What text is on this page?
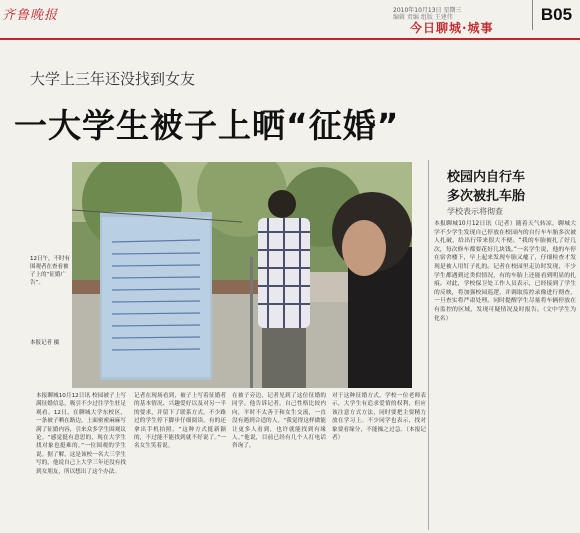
齐鲁晚报	2010年10月13日 星期三
编辑 责编 组版 王建伟
今日聊城·城事
B05
大学上三年还没找到女友
一大学生被子上晒“征婚”
12日午，不时有围观者在查看被子上的“征婚广告”。
本报记者 摄
本报聊城10月12日讯 校园被子上写满征婚信息，吸引不少过往学生驻足观看。12日，在聊城大学东校区，一条被子晒在路边，上面密密麻麻写满了征婚内容，引来众多学生围观议论。“感觉挺有意思的，现在大学生找对象也挺难的。”一位围观的学生说。据了解，这是该校一名大三学生写的，他说自己上大学三年还没有找到女朋友，所以想出了这个办法。
记者在现场看到，被子上写着征婚者的基本情况、兴趣爱好以及对另一半的要求，并留下了联系方式。不少路过的学生停下脚步仔细阅读，有的还拿出手机拍照。“这种方式挺新颖的，不过能不能找到就不好说了。”一名女生笑着说。
在被子旁边，记者见到了这位征婚的同学。他告诉记者，自己性格比较内向，平时不太善于和女生交流，一直没有遇到合适的人。“我觉得这样做能让更多人看到，也许就能找到有缘人。”他说，目前已经有几个人打电话咨询了。
对于这种征婚方式，学校一位老师表示，大学生有追求爱情的权利，但应该注意方式方法，同时要把主要精力放在学习上。不少同学也表示，找对象要看缘分，不能操之过急。（本报记者）
校园内自行车
多次被扎车胎
学校表示将彻查
本报聊城10月12日讯（记者）随着天气转凉，聊城大学不少学生发现自己停放在校园内的自行车车胎多次被人扎破，给出行带来很大不便。“我的车胎被扎了好几次，每次修车都要花好几块钱。”一名学生说，他的车停在宿舍楼下，早上起来发现车胎又瘪了，仔细检查才发现是被人用钉子扎的。记者在校园里走访时发现，不少学生都遇到过类似情况，有的车胎上还能看到明显的扎痕。对此，学校保卫处工作人员表示，已经接到了学生的反映，将加强校园巡逻，并调取监控录像进行彻查，一旦查实将严肃处理。同时提醒学生尽量将车辆停放在有监控的区域，发现可疑情况及时报告。（文中学生为化名）
